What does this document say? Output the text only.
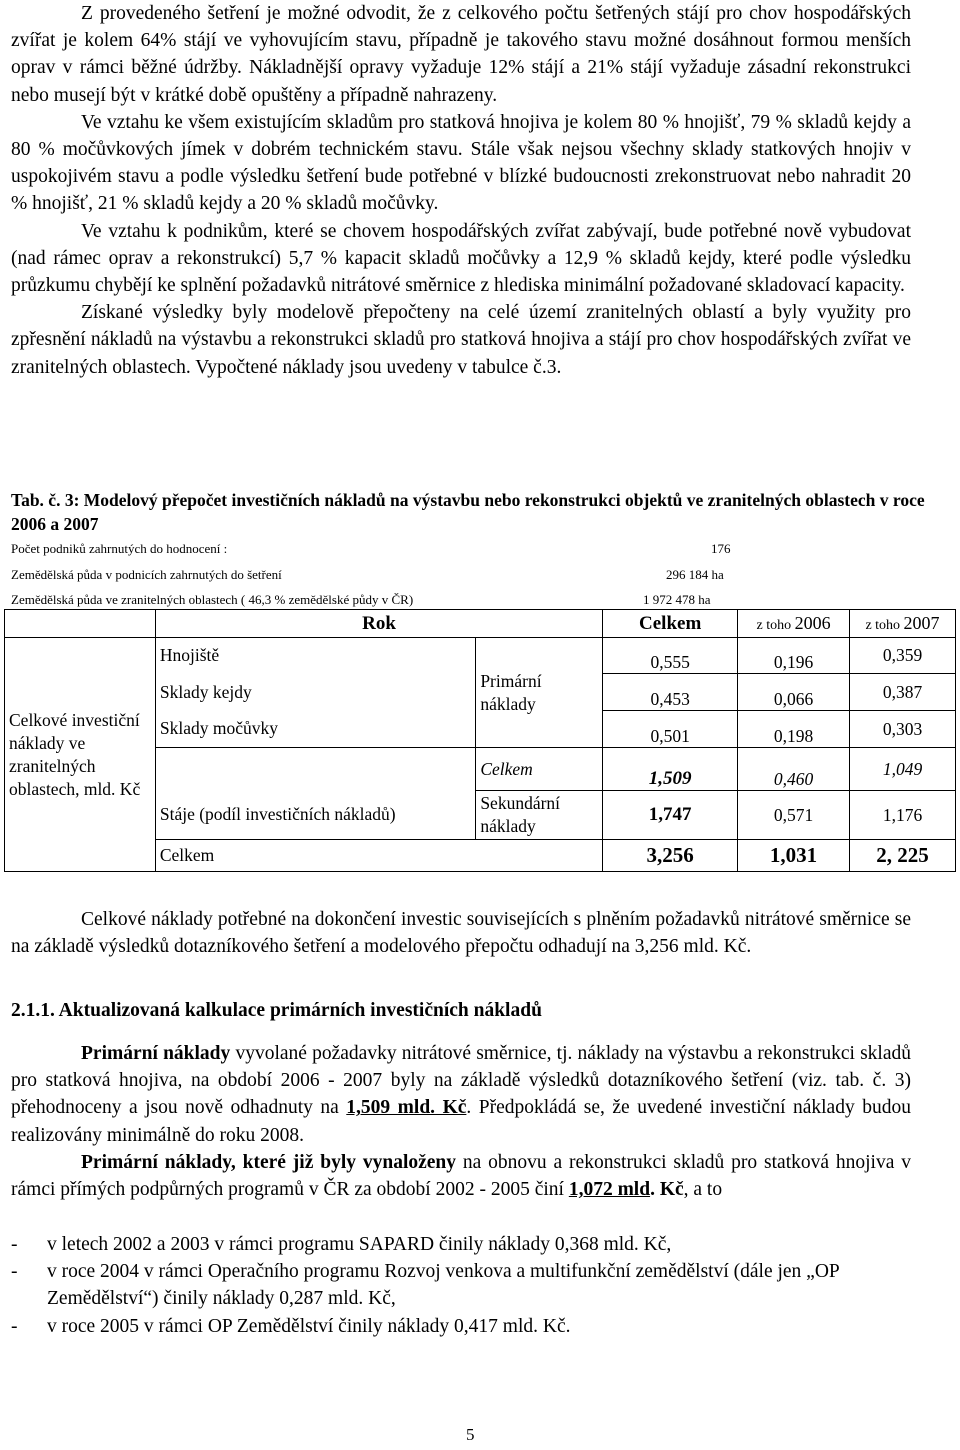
Z provedeného šetření je možné odvodit, že z celkového počtu šetřených stájí pro chov hospodářských zvířat je kolem 64% stájí ve vyhovujícím stavu, případně je takového stavu možné dosáhnout formou menších oprav v rámci běžné údržby. Nákladnější opravy vyžaduje 12% stájí a 21% stájí vyžaduje zásadní rekonstrukci nebo musejí být v krátké době opuštěny a případně nahrazeny.

Ve vztahu ke všem existujícím skladům pro statková hnojiva je kolem 80 % hnojišť, 79 % skladů kejdy a 80 % močůvkových jímek v dobrém technickém stavu. Stále však nejsou všechny sklady statkových hnojiv v uspokojivém stavu a podle výsledku šetření bude potřebné v blízké budoucnosti zrekonstruovat nebo nahradit 20 % hnojišť, 21 % skladů kejdy a 20 % skladů močůvky.

Ve vztahu k podnikům, které se chovem hospodářských zvířat zabývají, bude potřebné nově vybudovat (nad rámec oprav a rekonstrukcí) 5,7 % kapacit skladů močůvky a 12,9 % skladů kejdy, které podle výsledku průzkumu chybějí ke splnění požadavků nitrátové směrnice z hlediska minimální požadované skladovací kapacity.

Získané výsledky byly modelově přepočteny na celé území zranitelných oblastí a byly využity pro zpřesnění nákladů na výstavbu a rekonstrukci skladů pro statková hnojiva a stájí pro chov hospodářských zvířat ve zranitelných oblastech. Vypočtené náklady jsou uvedeny v tabulce č.3.

Tab. č. 3: Modelový přepočet investičních nákladů na výstavbu nebo rekonstrukci objektů ve zranitelných oblastech v roce 2006 a 2007
Počet podniků zahrnutých do hodnocení :	176
Zemědělská půda v podnicích zahrnutých do šetření	296 184 ha
Zemědělská půda ve zranitelných oblastech ( 46,3 % zemědělské půdy v ČR)	1 972 478 ha
	Rok		Celkem	z toho 2006	z toho 2007
Celkové investiční náklady ve zranitelných oblastech, mld. Kč	Hnojiště	Primární náklady	0,555	0,196	0,359
	Sklady kejdy		0,453	0,066	0,387
	Sklady močůvky		0,501	0,198	0,303
		Celkem	1,509	0,460	1,049
	Stáje (podíl investičních nákladů)	Sekundární náklady	1,747	0,571	1,176
	Celkem		3,256	1,031	2, 225

Celkové náklady potřebné na dokončení investic souvisejících s plněním požadavků nitrátové směrnice se na základě výsledků dotazníkového šetření a modelového přepočtu odhadují na 3,256 mld. Kč.

2.1.1. Aktualizovaná kalkulace primárních investičních nákladů

Primární náklady vyvolané požadavky nitrátové směrnice, tj. náklady na výstavbu a rekonstrukci skladů pro statková hnojiva, na období 2006 - 2007 byly na základě výsledků dotazníkového šetření (viz. tab. č. 3) přehodnoceny a jsou nově odhadnuty na 1,509 mld. Kč. Předpokládá se, že uvedené investiční náklady budou realizovány minimálně do roku 2008.

Primární náklady, které již byly vynaloženy na obnovu a rekonstrukci skladů pro statková hnojiva v rámci přímých podpůrných programů v ČR za období 2002 - 2005 činí 1,072 mld. Kč, a to

- v letech 2002 a 2003 v rámci programu SAPARD činily náklady 0,368 mld. Kč,
- v roce 2004 v rámci Operačního programu Rozvoj venkova a multifunkční zemědělství (dále jen „OP Zemědělství“) činily náklady 0,287 mld. Kč,
- v roce 2005 v rámci OP Zemědělství činily náklady 0,417 mld. Kč.
5
